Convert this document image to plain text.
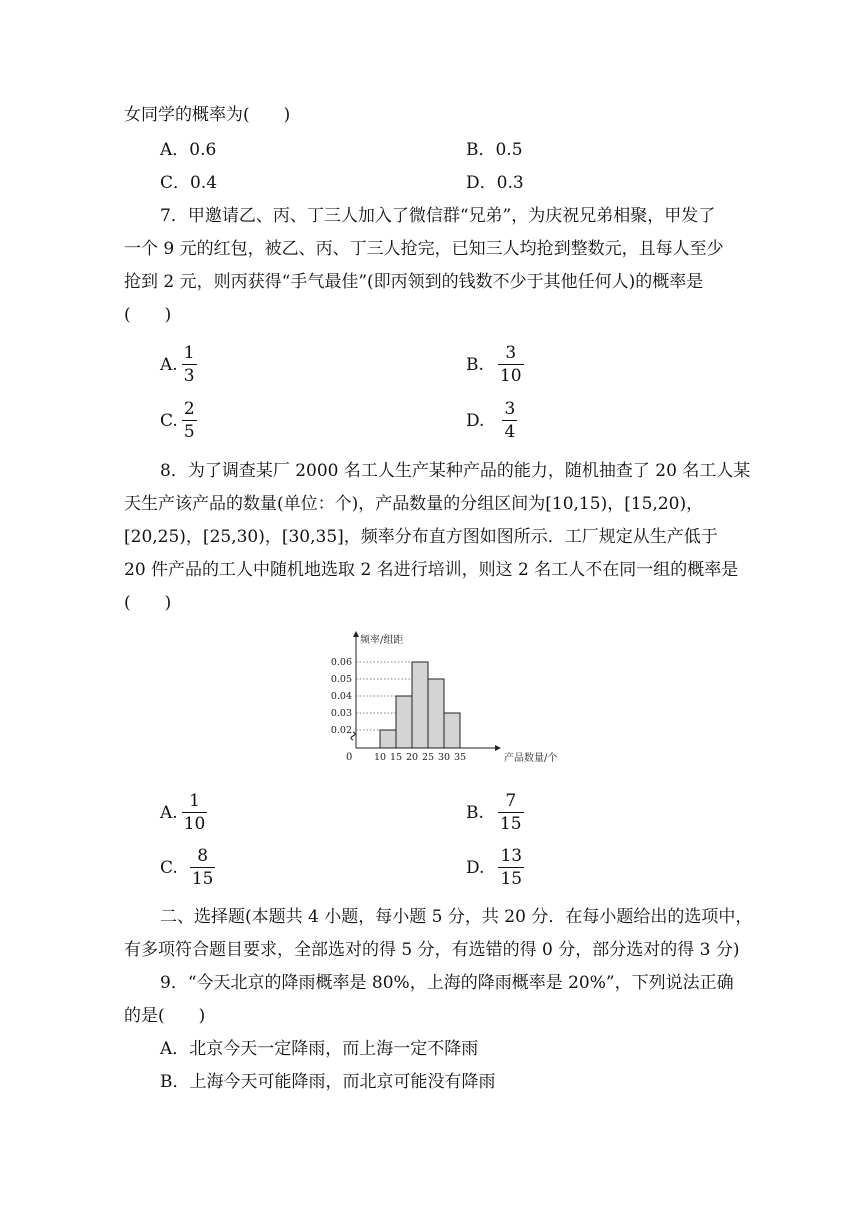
女同学的概率为(　　)
A．0.6	B．0.5
C．0.4	D．0.3
7．甲邀请乙、丙、丁三人加入了微信群“兄弟”，为庆祝兄弟相聚，甲发了
一个 9 元的红包，被乙、丙、丁三人抢完，已知三人均抢到整数元，且每人至少
抢到 2 元，则丙获得“手气最佳”(即丙领到的钱数不少于其他任何人)的概率是
(　　)
A. $\frac{1}{3}$	B. $\frac{3}{10}$
C. $\frac{2}{5}$	D. $\frac{3}{4}$
8．为了调查某厂 2000 名工人生产某种产品的能力，随机抽查了 20 名工人某
天生产该产品的数量(单位：个)，产品数量的分组区间为[10,15)，[15,20)，
[20,25)，[25,30)，[30,35]，频率分布直方图如图所示．工厂规定从生产低于
20 件产品的工人中随机地选取 2 名进行培训，则这 2 名工人不在同一组的概率是
(　　)
频率/组距
产品数量/个
0
0.02
0.03
0.04
0.05
0.06
10 15 20 25 30 35
A. $\frac{1}{10}$	B. $\frac{7}{15}$
C. $\frac{8}{15}$	D. $\frac{13}{15}$
二、选择题(本题共 4 小题，每小题 5 分，共 20 分．在每小题给出的选项中，
有多项符合题目要求，全部选对的得 5 分，有选错的得 0 分，部分选对的得 3 分)
9．“今天北京的降雨概率是 80%，上海的降雨概率是 20%”，下列说法正确
的是(　　)
A．北京今天一定降雨，而上海一定不降雨
B．上海今天可能降雨，而北京可能没有降雨
